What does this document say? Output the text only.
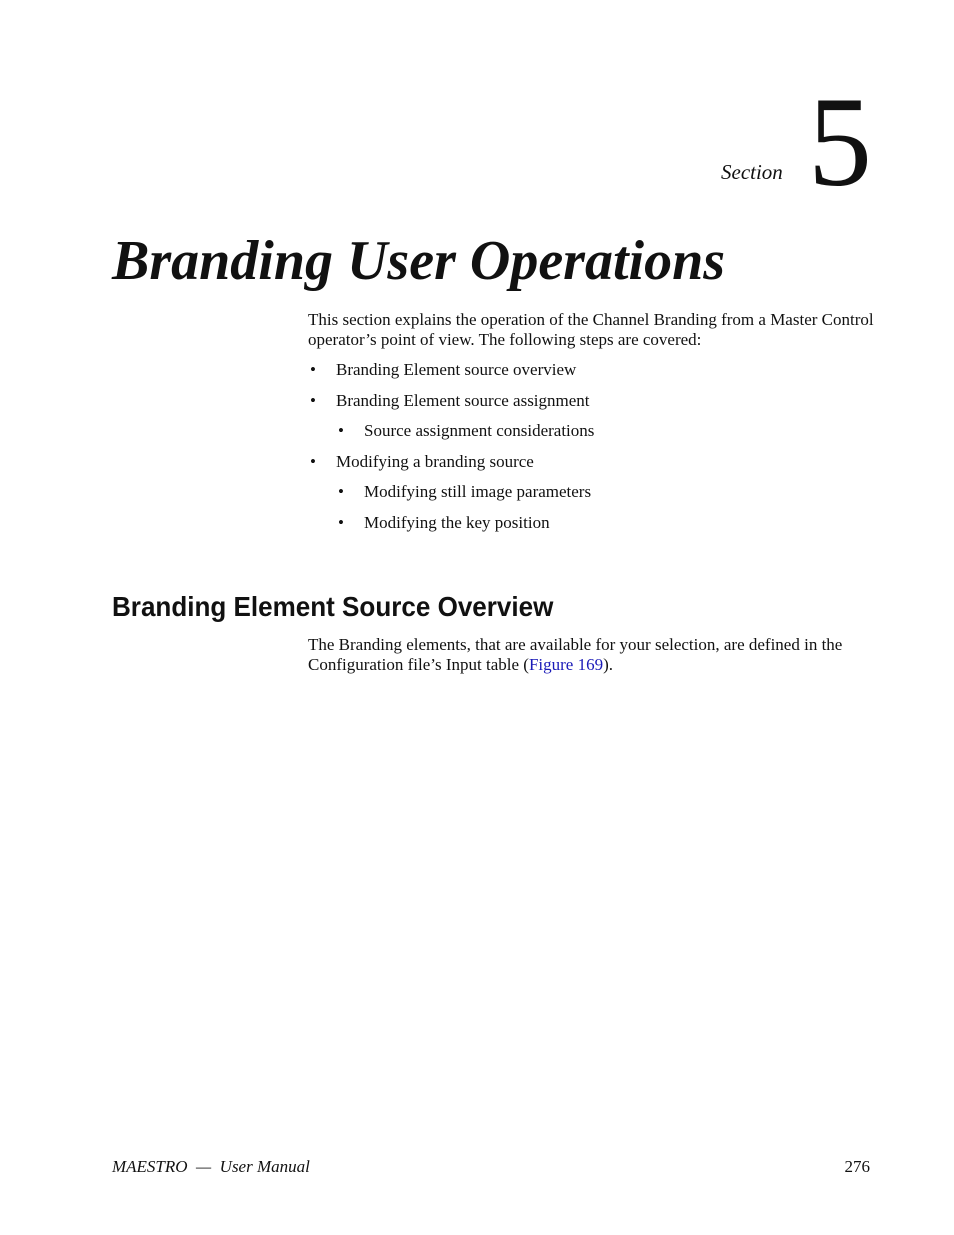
Section 5
Branding User Operations

This section explains the operation of the Channel Branding from a Master Control operator’s point of view. The following steps are covered:

• Branding Element source overview
• Branding Element source assignment
• Source assignment considerations
• Modifying a branding source
• Modifying still image parameters
• Modifying the key position
Branding Element Source Overview

The Branding elements, that are available for your selection, are defined in the Configuration file’s Input table (Figure 169).

MAESTRO  —  User Manual	276
